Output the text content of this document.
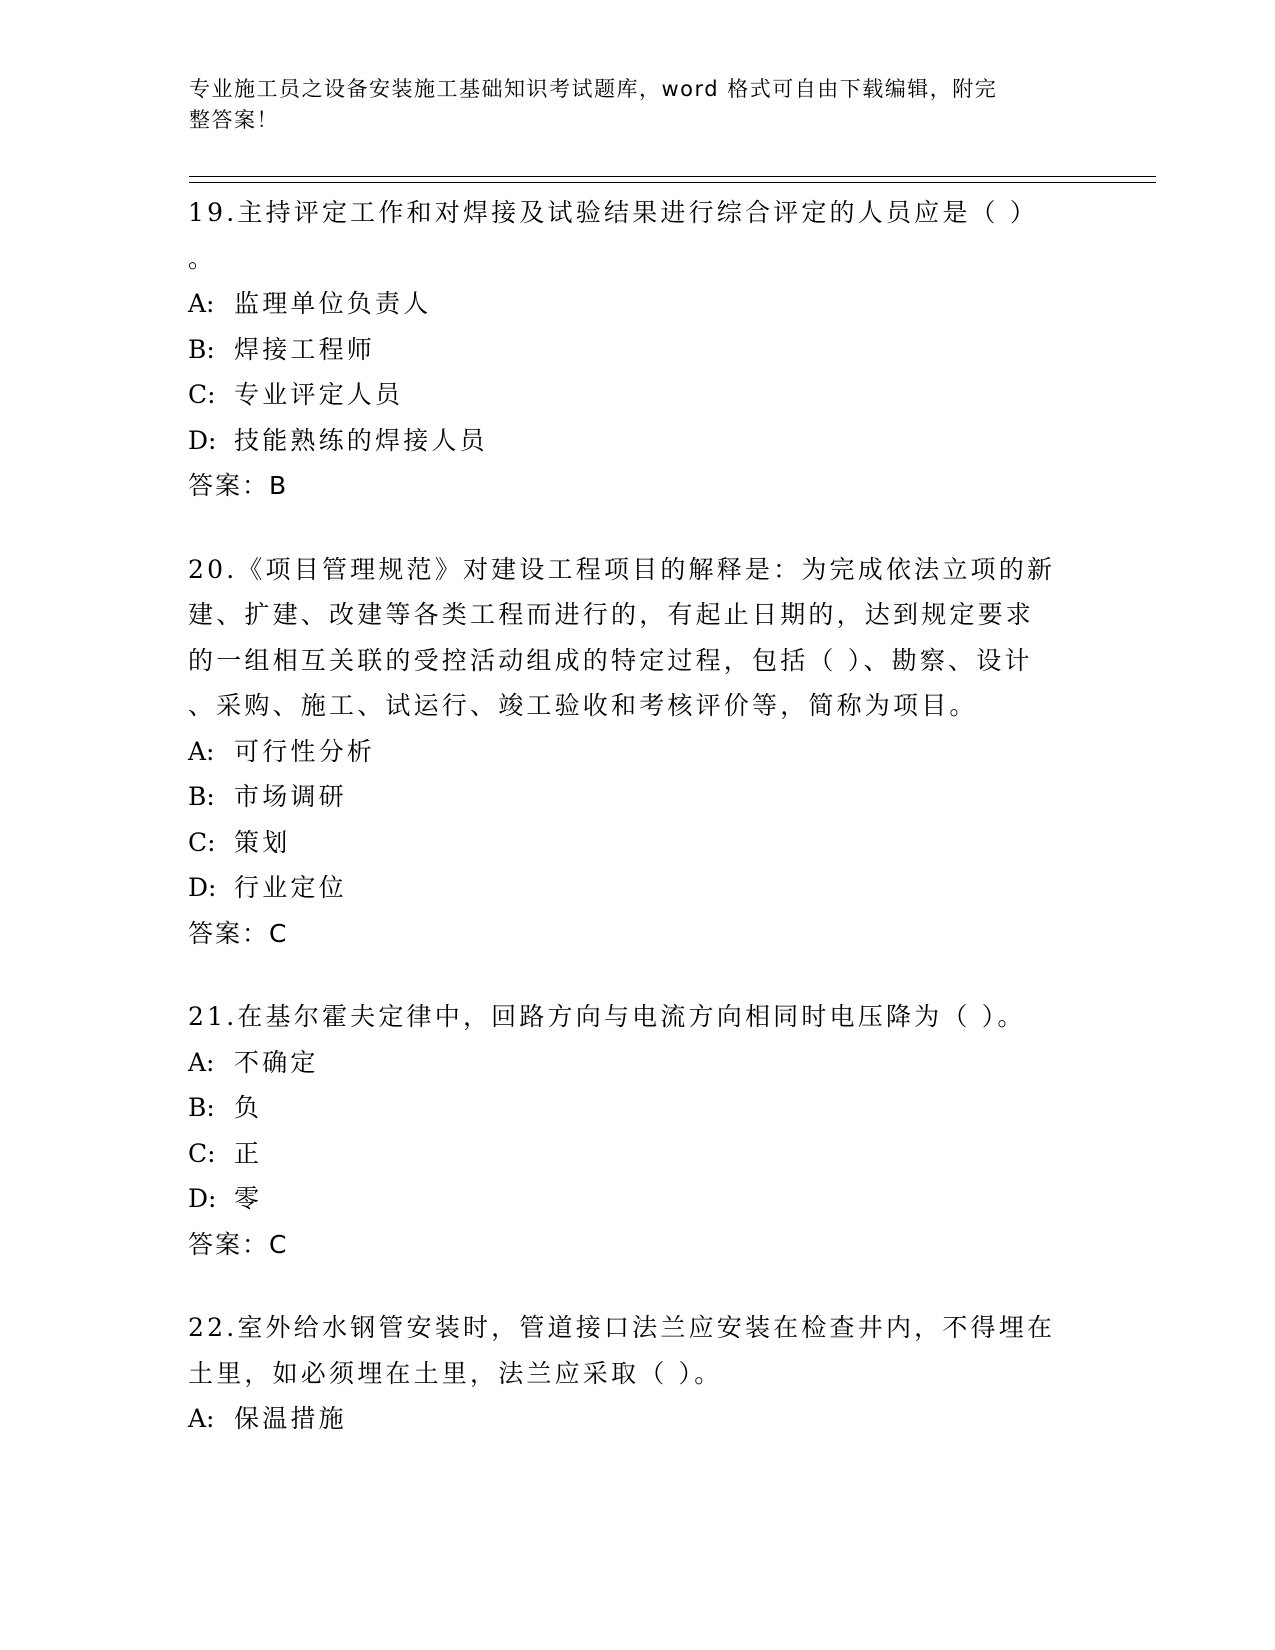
专业施工员之设备安装施工基础知识考试题库，word 格式可自由下载编辑，附完
整答案！
19.主持评定工作和对焊接及试验结果进行综合评定的人员应是（ ）
。
A: 监理单位负责人
B: 焊接工程师
C: 专业评定人员
D: 技能熟练的焊接人员
答案：B
20.《项目管理规范》对建设工程项目的解释是：为完成依法立项的新
建、扩建、改建等各类工程而进行的，有起止日期的，达到规定要求
的一组相互关联的受控活动组成的特定过程，包括（ ）、勘察、设计
、采购、施工、试运行、竣工验收和考核评价等，简称为项目。
A: 可行性分析
B: 市场调研
C: 策划
D: 行业定位
答案：C
21.在基尔霍夫定律中，回路方向与电流方向相同时电压降为（ ）。
A: 不确定
B: 负
C: 正
D: 零
答案：C
22.室外给水钢管安装时，管道接口法兰应安装在检查井内，不得埋在
土里，如必须埋在土里，法兰应采取（ ）。
A: 保温措施
